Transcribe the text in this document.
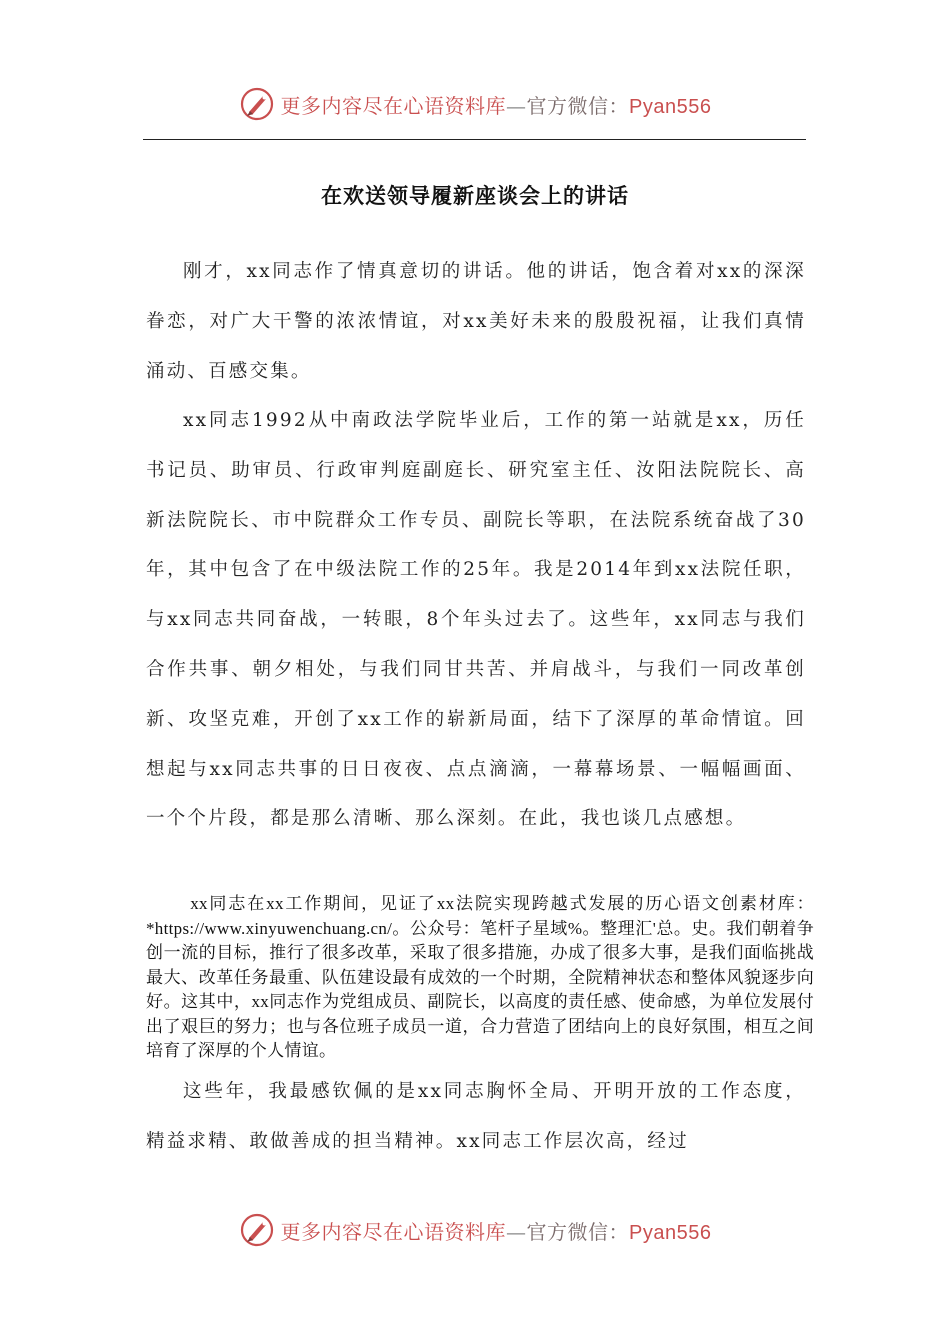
更多内容尽在心语资料库—官方微信：Pyan556
在欢送领导履新座谈会上的讲话

刚才，xx同志作了情真意切的讲话。他的讲话，饱含着对xx的深深眷恋，对广大干警的浓浓情谊，对xx美好未来的殷殷祝福，让我们真情涌动、百感交集。

xx同志1992从中南政法学院毕业后，工作的第一站就是xx，历任书记员、助审员、行政审判庭副庭长、研究室主任、汝阳法院院长、高新法院院长、市中院群众工作专员、副院长等职，在法院系统奋战了30年，其中包含了在中级法院工作的25年。我是2014年到xx法院任职，与xx同志共同奋战，一转眼，8个年头过去了。这些年，xx同志与我们合作共事、朝夕相处，与我们同甘共苦、并肩战斗，与我们一同改革创新、攻坚克难，开创了xx工作的崭新局面，结下了深厚的革命情谊。回想起与xx同志共事的日日夜夜、点点滴滴，一幕幕场景、一幅幅画面、一个个片段，都是那么清晰、那么深刻。在此，我也谈几点感想。

xx同志在xx工作期间，见证了xx法院实现跨越式发展的历心语文创素材库：*https://www.xinyuwenchuang.cn/。公众号：笔杆子星域%。整理汇'总。史。我们朝着争创一流的目标，推行了很多改革，采取了很多措施，办成了很多大事，是我们面临挑战最大、改革任务最重、队伍建设最有成效的一个时期，全院精神状态和整体风貌逐步向好。这其中，xx同志作为党组成员、副院长，以高度的责任感、使命感，为单位发展付出了艰巨的努力；也与各位班子成员一道，合力营造了团结向上的良好氛围，相互之间培育了深厚的个人情谊。

这些年，我最感钦佩的是xx同志胸怀全局、开明开放的工作态度，精益求精、敢做善成的担当精神。xx同志工作层次高，经过

更多内容尽在心语资料库—官方微信：Pyan556
